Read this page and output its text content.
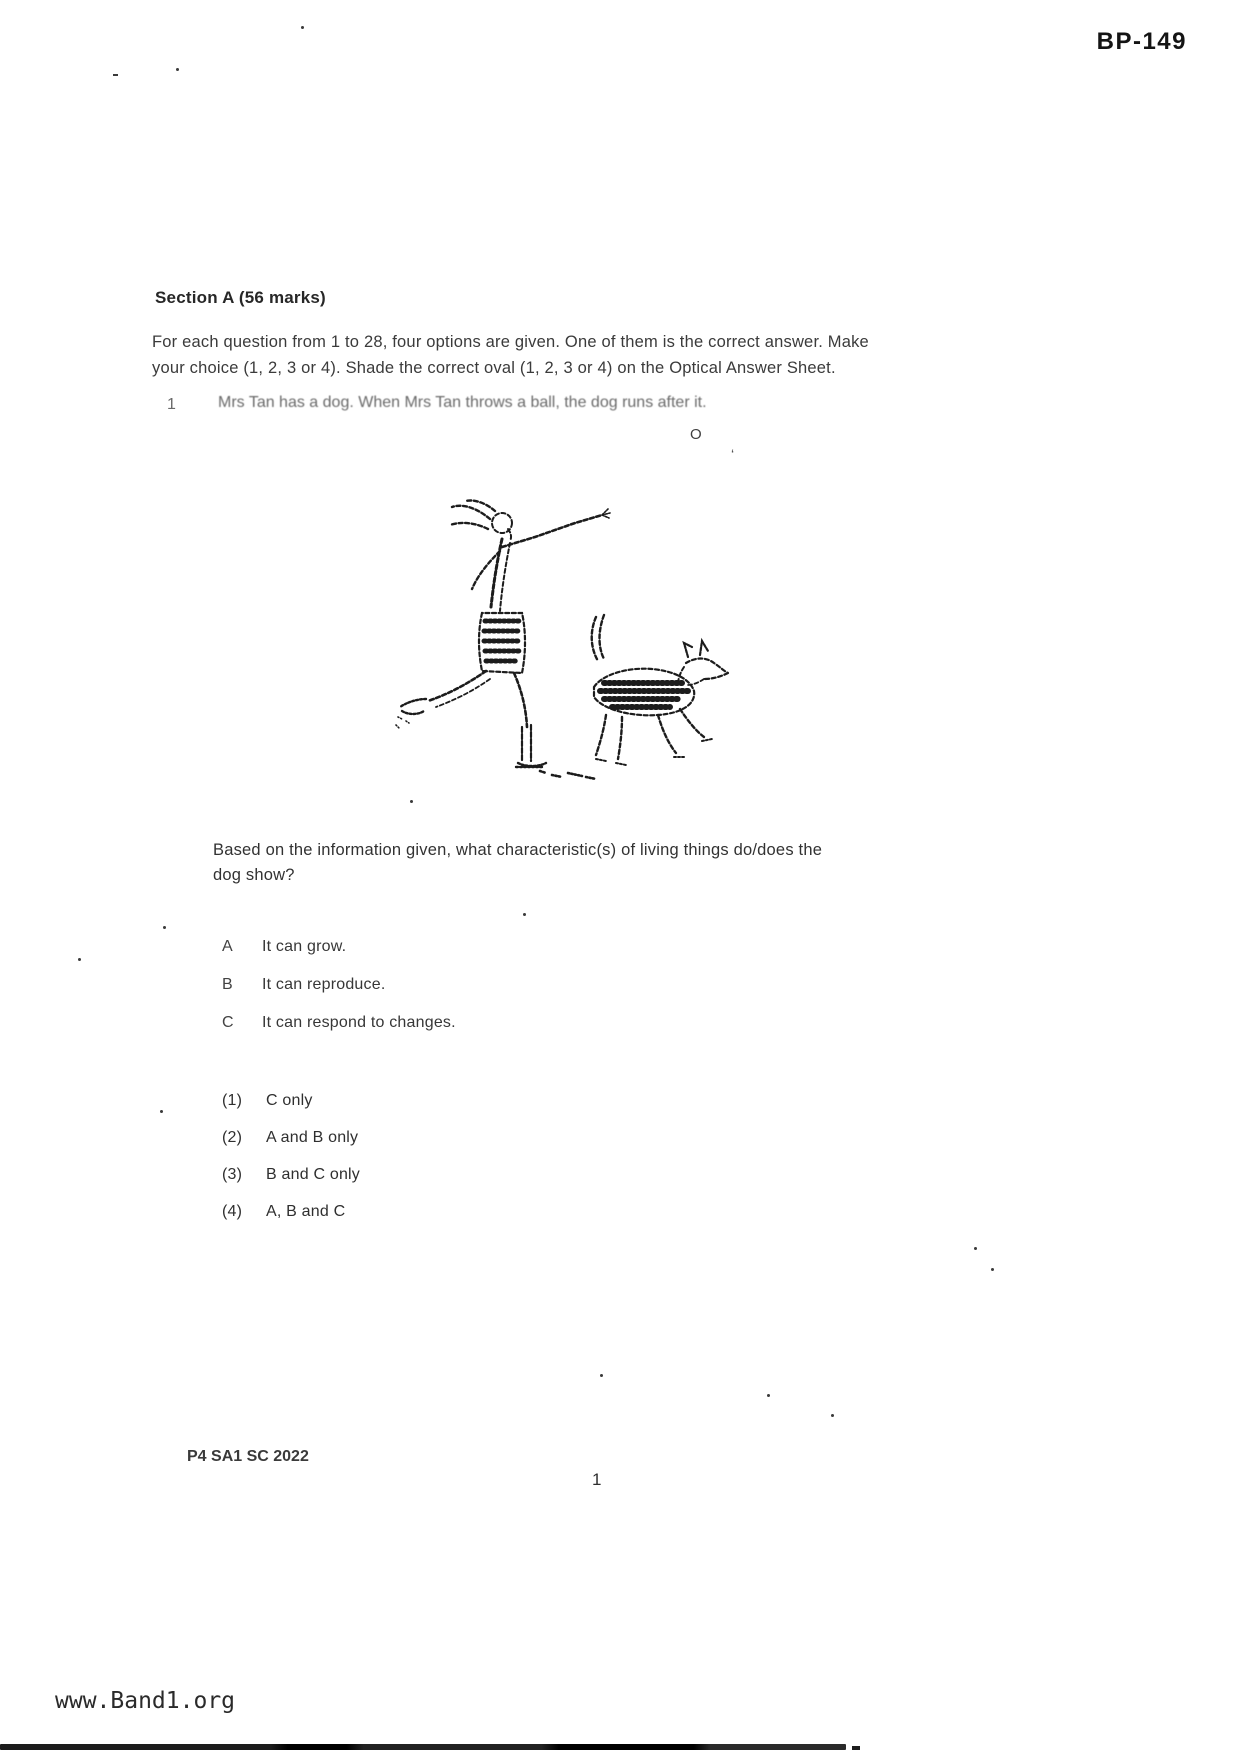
BP-149
Section A (56 marks)
For each question from 1 to 28, four options are given. One of them is the correct answer. Make your choice (1, 2, 3 or 4). Shade the correct oval (1, 2, 3 or 4) on the Optical Answer Sheet.
1	Mrs Tan has a dog. When Mrs Tan throws a ball, the dog runs after it.
O
‘
Based on the information given, what characteristic(s) of living things do/does the dog show?
A It can grow.
B It can reproduce.
C It can respond to changes.
(1) C only
(2) A and B only
(3) B and C only
(4) A, B and C
P4 SA1 SC 2022
1
www.Band1.org
